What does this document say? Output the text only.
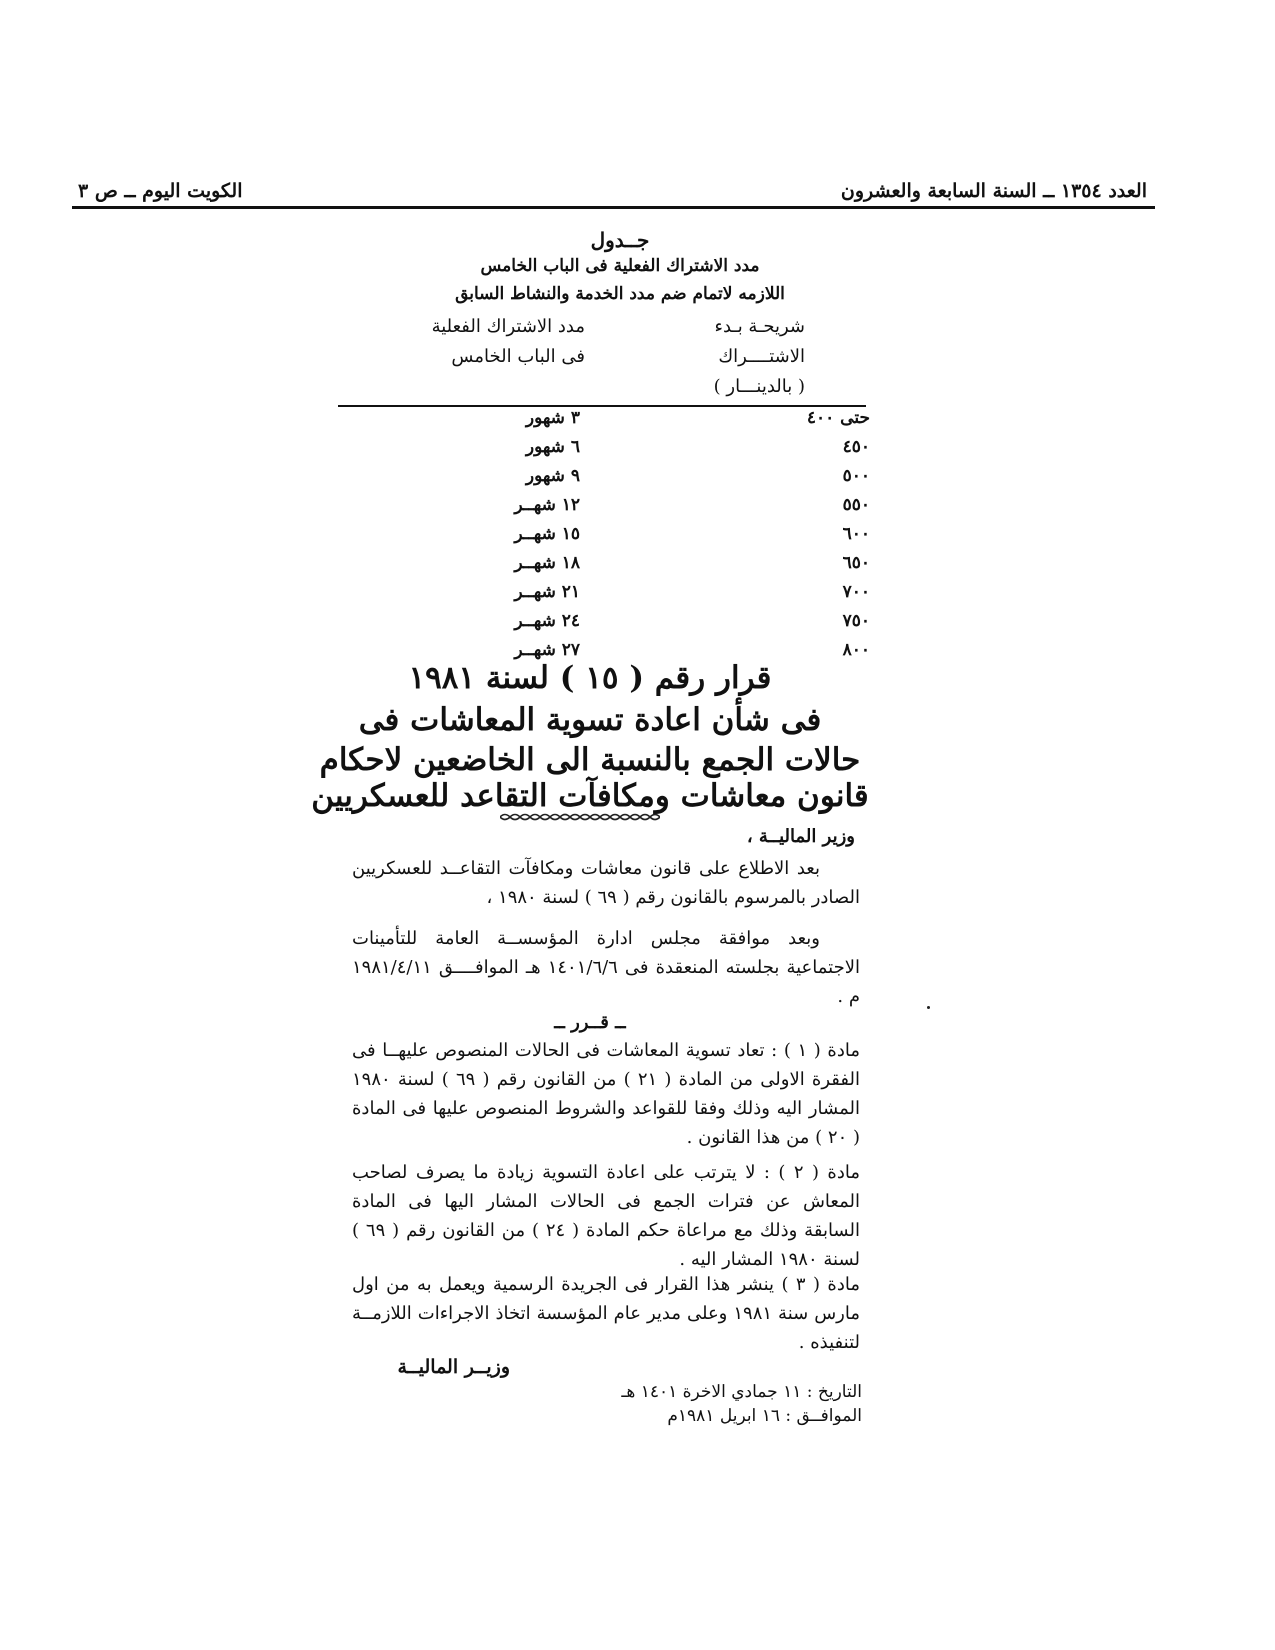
العدد ١٣٥٤ ــ السنة السابعة والعشرون
الكويت اليوم ــ ص ٣
جــدول
مدد الاشتراك الفعلية فى الباب الخامس
اللازمه لاتمام ضم مدد الخدمة والنشاط السابق
شريحـة بـدء
الاشتــــراك
( بالدينـــار )
مدد الاشتراك الفعلية
فى الباب الخامس
حتى ٤٠٠
٣ شهور
٤٥٠
٦ شهور
٥٠٠
٩ شهور
٥٥٠
١٢ شهــر
٦٠٠
١٥ شهــر
٦٥٠
١٨ شهــر
٧٠٠
٢١ شهــر
٧٥٠
٢٤ شهــر
٨٠٠
٢٧ شهــر
قرار رقم ( ١٥ ) لسنة ١٩٨١
فى شأن اعادة تسوية المعاشات فى
حالات الجمع بالنسبة الى الخاضعين لاحكام
قانون معاشات ومكافآت التقاعد للعسكريين
وزير الماليــة ،
بعد الاطلاع على قانون معاشات ومكافآت التقاعــد للعسكريين الصادر بالمرسوم بالقانون رقم ( ٦٩ ) لسنة ١٩٨٠ ،
وبعد موافقة مجلس ادارة المؤسســة العامة للتأمينات الاجتماعية بجلسته المنعقدة فى ١٤٠١/٦/٦ هـ الموافــــق ١٩٨١/٤/١١ م .
ــ قــرر ــ
مادة ( ١ ) : تعاد تسوية المعاشات فى الحالات المنصوص عليهــا فى الفقرة الاولى من المادة ( ٢١ ) من القانون رقم ( ٦٩ ) لسنة ١٩٨٠ المشار اليه وذلك وفقا للقواعد والشروط المنصوص عليها فى المادة ( ٢٠ ) من هذا القانون .
مادة ( ٢ ) : لا يترتب على اعادة التسوية زيادة ما يصرف لصاحب المعاش عن فترات الجمع فى الحالات المشار اليها فى المادة السابقة وذلك مع مراعاة حكم المادة ( ٢٤ ) من القانون رقم ( ٦٩ ) لسنة ١٩٨٠ المشار اليه .
مادة ( ٣ ) ينشر هذا القرار فى الجريدة الرسمية ويعمل به من اول مارس سنة ١٩٨١ وعلى مدير عام المؤسسة اتخاذ الاجراءات اللازمــة لتنفيذه .
وزيــر الماليــة
التاريخ : ١١ جمادي الاخرة ١٤٠١ هـ
الموافــق : ١٦ ابريل ١٩٨١م
